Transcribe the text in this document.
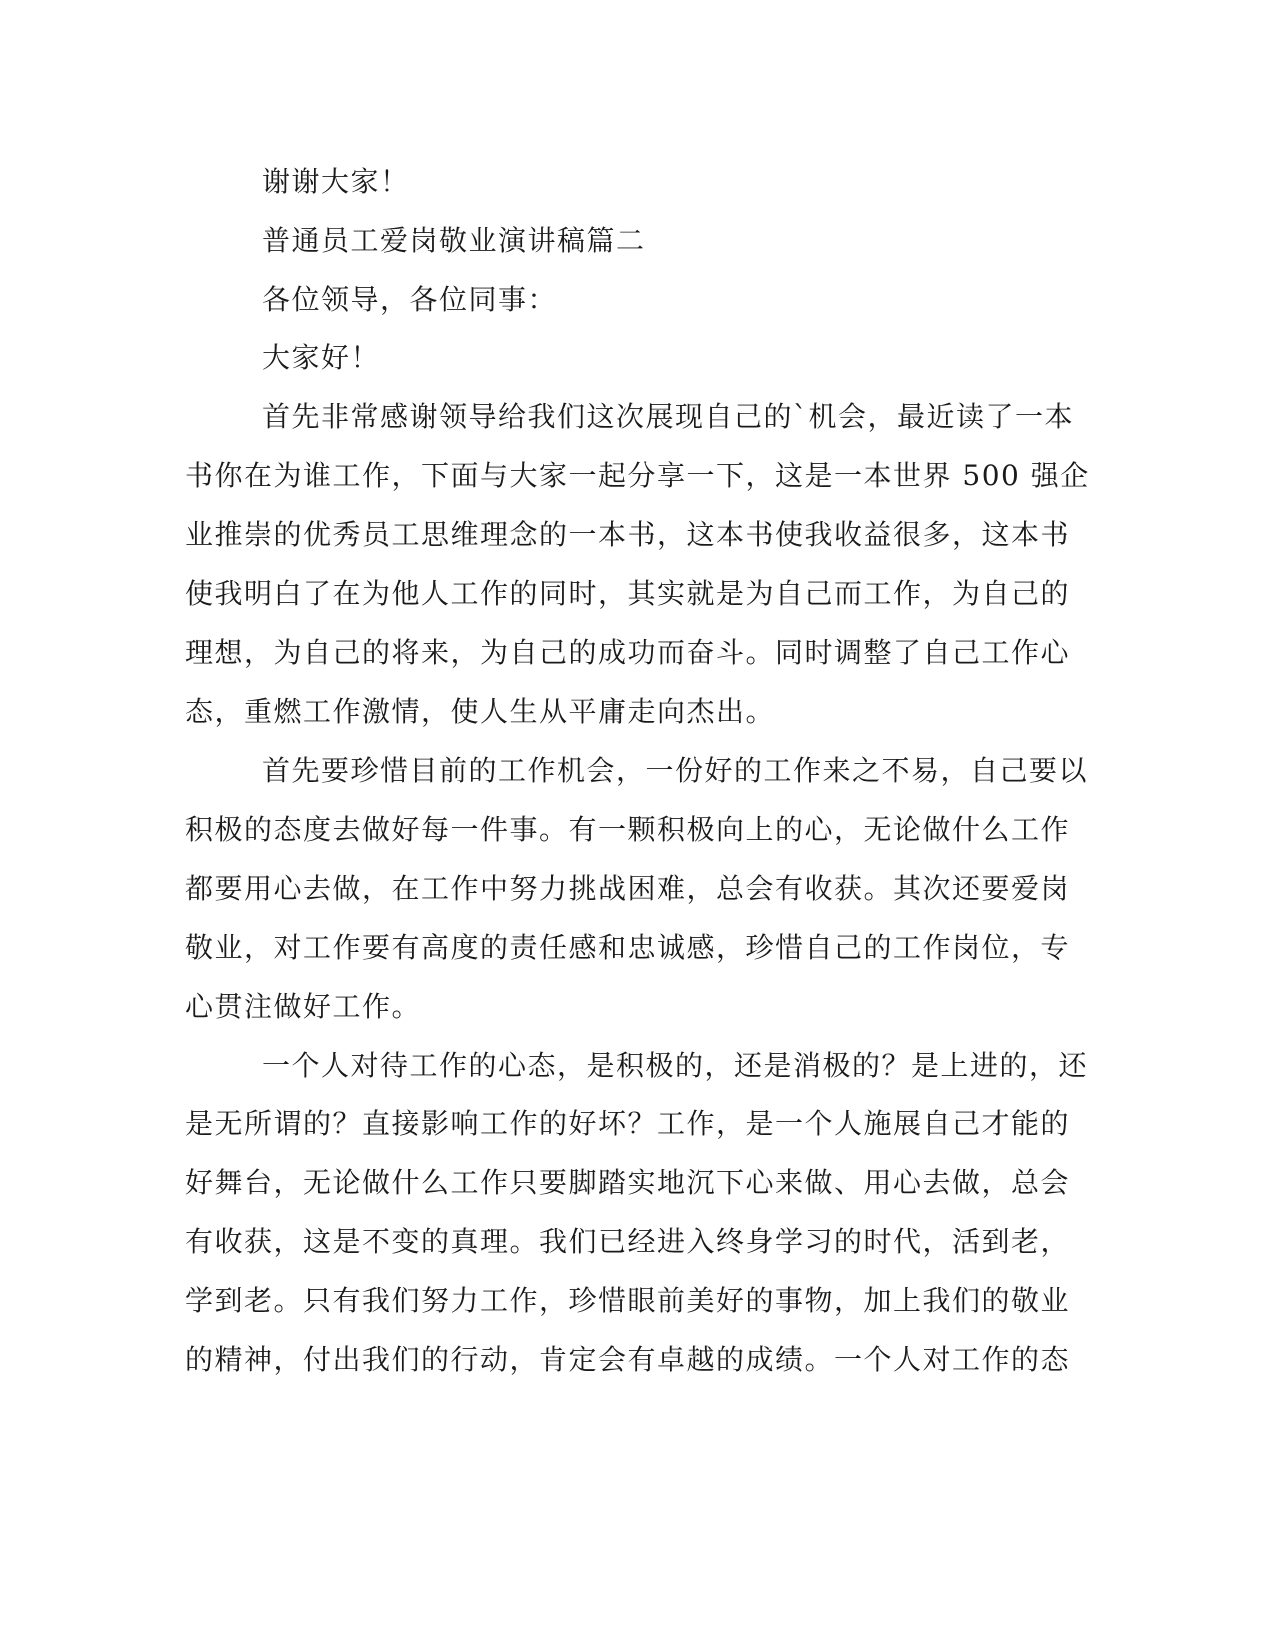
谢谢大家！
普通员工爱岗敬业演讲稿篇二
各位领导，各位同事：
大家好！
首先非常感谢领导给我们这次展现自己的`机会，最近读了一本
书你在为谁工作，下面与大家一起分享一下，这是一本世界 500 强企
业推崇的优秀员工思维理念的一本书，这本书使我收益很多，这本书
使我明白了在为他人工作的同时，其实就是为自己而工作，为自己的
理想，为自己的将来，为自己的成功而奋斗。同时调整了自己工作心
态，重燃工作激情，使人生从平庸走向杰出。
首先要珍惜目前的工作机会，一份好的工作来之不易，自己要以
积极的态度去做好每一件事。有一颗积极向上的心，无论做什么工作
都要用心去做，在工作中努力挑战困难，总会有收获。其次还要爱岗
敬业，对工作要有高度的责任感和忠诚感，珍惜自己的工作岗位，专
心贯注做好工作。
一个人对待工作的心态，是积极的，还是消极的？是上进的，还
是无所谓的？直接影响工作的好坏？工作，是一个人施展自己才能的
好舞台，无论做什么工作只要脚踏实地沉下心来做、用心去做，总会
有收获，这是不变的真理。我们已经进入终身学习的时代，活到老，
学到老。只有我们努力工作，珍惜眼前美好的事物，加上我们的敬业
的精神，付出我们的行动，肯定会有卓越的成绩。一个人对工作的态
